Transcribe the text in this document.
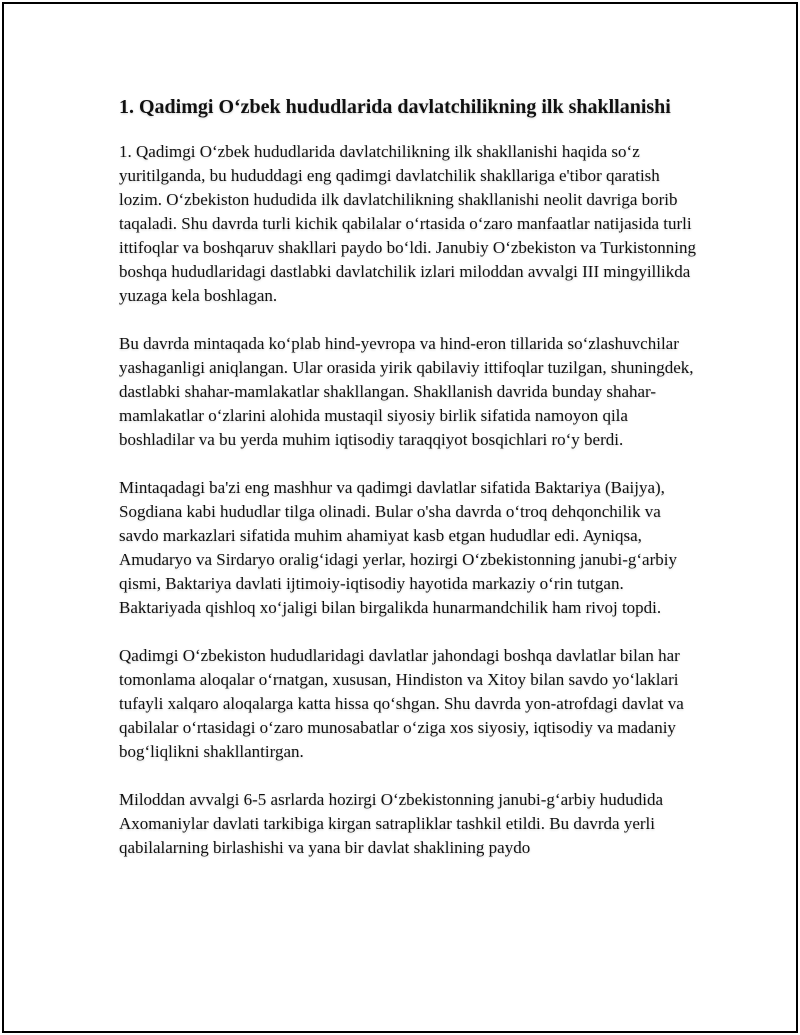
1. Qadimgi O‘zbek hududlarida davlatchilikning ilk shakllanishi

1. Qadimgi O‘zbek hududlarida davlatchilikning ilk shakllanishi haqida so‘z yuritilganda, bu hududdagi eng qadimgi davlatchilik shakllariga e'tibor qaratish lozim. O‘zbekiston hududida ilk davlatchilikning shakllanishi neolit davriga borib taqaladi. Shu davrda turli kichik qabilalar o‘rtasida o‘zaro manfaatlar natijasida turli ittifoqlar va boshqaruv shakllari paydo bo‘ldi. Janubiy O‘zbekiston va Turkistonning boshqa hududlaridagi dastlabki davlatchilik izlari miloddan avvalgi III mingyillikda yuzaga kela boshlagan.

Bu davrda mintaqada ko‘plab hind-yevropa va hind-eron tillarida so‘zlashuvchilar yashaganligi aniqlangan. Ular orasida yirik qabilaviy ittifoqlar tuzilgan, shuningdek, dastlabki shahar-mamlakatlar shakllangan. Shakllanish davrida bunday shahar-mamlakatlar o‘zlarini alohida mustaqil siyosiy birlik sifatida namoyon qila boshladilar va bu yerda muhim iqtisodiy taraqqiyot bosqichlari ro‘y berdi.

Mintaqadagi ba'zi eng mashhur va qadimgi davlatlar sifatida Baktariya (Baijya), Sogdiana kabi hududlar tilga olinadi. Bular o'sha davrda o‘troq dehqonchilik va savdo markazlari sifatida muhim ahamiyat kasb etgan hududlar edi. Ayniqsa, Amudaryo va Sirdaryo oralig‘idagi yerlar, hozirgi O‘zbekistonning janubi-g‘arbiy qismi, Baktariya davlati ijtimoiy-iqtisodiy hayotida markaziy o‘rin tutgan. Baktariyada qishloq xo‘jaligi bilan birgalikda hunarmandchilik ham rivoj topdi.

Qadimgi O‘zbekiston hududlaridagi davlatlar jahondagi boshqa davlatlar bilan har tomonlama aloqalar o‘rnatgan, xususan, Hindiston va Xitoy bilan savdo yo‘laklari tufayli xalqaro aloqalarga katta hissa qo‘shgan. Shu davrda yon-atrofdagi davlat va qabilalar o‘rtasidagi o‘zaro munosabatlar o‘ziga xos siyosiy, iqtisodiy va madaniy bog‘liqlikni shakllantirgan.

Miloddan avvalgi 6-5 asrlarda hozirgi O‘zbekistonning janubi-g‘arbiy hududida Axomaniylar davlati tarkibiga kirgan satrapliklar tashkil etildi. Bu davrda yerli qabilalarning birlashishi va yana bir davlat shaklining paydo
